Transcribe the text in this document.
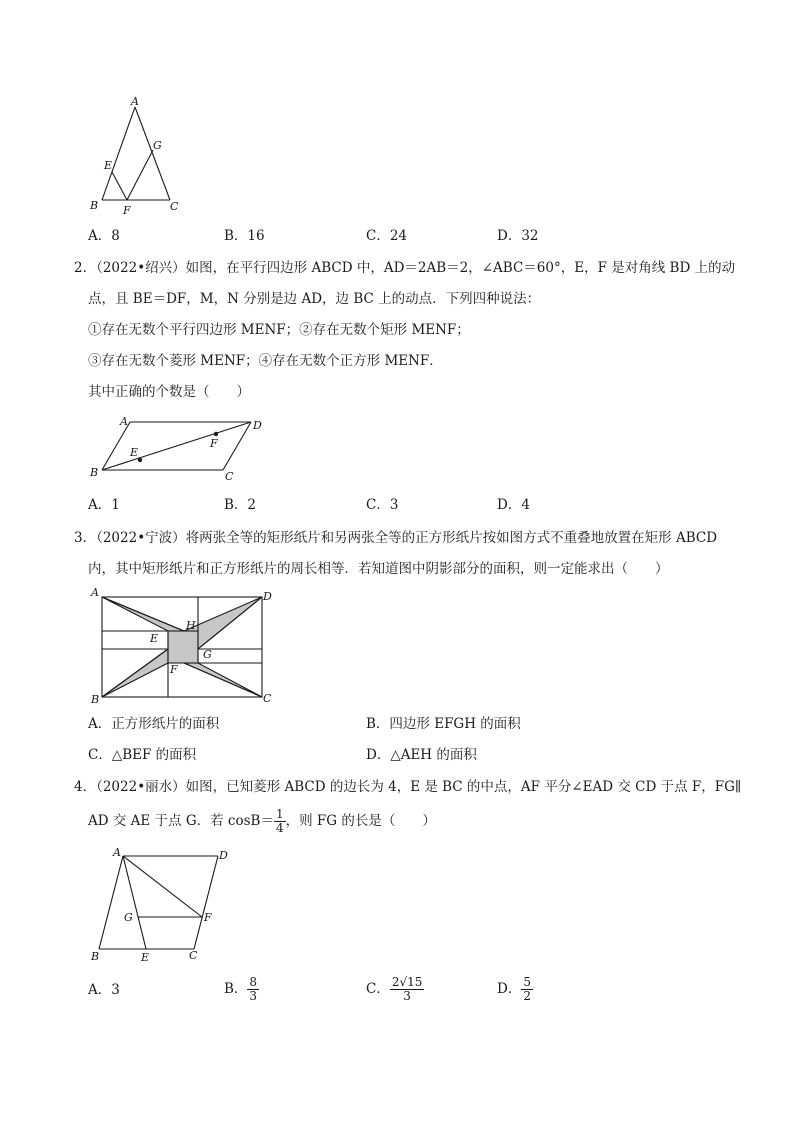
A
E
G
B F	C
A．8	B．16	C．24	D．32
2．（2022•绍兴）如图，在平行四边形 ABCD 中，AD＝2AB＝2，∠ABC＝60°，E，F 是对角线 BD 上的动
点，且 BE＝DF，M，N 分别是边 AD，边 BC 上的动点．下列四种说法：
①存在无数个平行四边形 MENF；②存在无数个矩形 MENF；
③存在无数个菱形 MENF；④存在无数个正方形 MENF．
其中正确的个数是（　　）
A	D
E
F
B	C
A．1	B．2	C．3	D．4
3．（2022•宁波）将两张全等的矩形纸片和另两张全等的正方形纸片按如图方式不重叠地放置在矩形 ABCD
内，其中矩形纸片和正方形纸片的周长相等．若知道图中阴影部分的面积，则一定能求出（　　）
A	D
H
E
G
F
B	C
A．正方形纸片的面积	B．四边形 EFGH 的面积
C．△BEF 的面积	D．△AEH 的面积
4．（2022•丽水）如图，已知菱形 ABCD 的边长为 4，E 是 BC 的中点，AF 平分∠EAD 交 CD 于点 F，FG∥
AD 交 AE 于点 G．若 $\cos B= \frac{1}{4}$ ，则 FG 的长是（　　）
A	D
G	F
B	E	C
A．3	B． $\frac{8}{3}$	C． $\frac{2√15}{3}$	D． $\frac{5}{2}$
